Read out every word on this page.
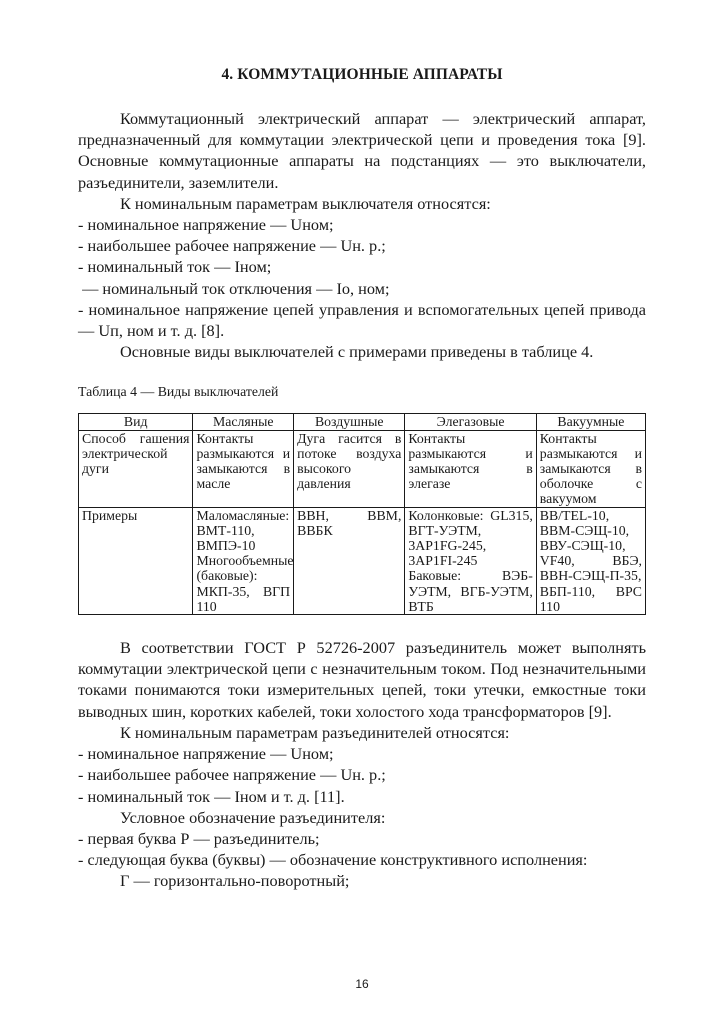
4. КОММУТАЦИОННЫЕ АППАРАТЫ

Коммутационный электрический аппарат — электрический аппарат, предназначенный для коммутации электрической цепи и проведения тока [9]. Основные коммутационные аппараты на подстанциях — это выключатели, разъединители, заземлители.

К номинальным параметрам выключателя относятся:

- номинальное напряжение — Uном;

- наибольшее рабочее напряжение — Uн. р.;

- номинальный ток — Iном;

— номинальный ток отключения — Io, ном;

- номинальное напряжение цепей управления и вспомогательных цепей привода — Uп, ном и т. д. [8].

Основные виды выключателей с примерами приведены в таблице 4.

Таблица 4 — Виды выключателей
Вид	Масляные	Воздушные	Элегазовые	Вакуумные
Способ гашения электрической дуги	Контакты размыкаются и замыкаются в масле	Дуга гасится в потоке воздуха высокого давления	Контакты размыкаются и замыкаются в элегазе	Контакты размыкаются и замыкаются в оболочке с вакуумом
Примеры	Маломасляные: ВМТ-110, ВМПЭ-10 Многообъемные (баковые): МКП-35, ВГП 110	ВВН, ВВМ, ВВБК	Колонковые: GL315, ВГТ-УЭТМ, 3AP1FG-245, 3AP1FI-245 Баковые: ВЭБ-УЭТМ, ВГБ-УЭТМ, ВТБ	BB/TEL-10, ВВМ-СЭЩ-10, ВВУ-СЭЩ-10, VF40, ВБЭ, ВВН-СЭЩ-П-35, ВБП-110, ВРС 110

В соответствии ГОСТ Р 52726-2007 разъединитель может выполнять коммутации электрической цепи с незначительным током. Под незначительными токами понимаются токи измерительных цепей, токи утечки, емкостные токи выводных шин, коротких кабелей, токи холостого хода трансформаторов [9].

К номинальным параметрам разъединителей относятся:

- номинальное напряжение — Uном;

- наибольшее рабочее напряжение — Uн. р.;

- номинальный ток — Iном и т. д. [11].

Условное обозначение разъединителя:

- первая буква Р — разъединитель;

- следующая буква (буквы) — обозначение конструктивного исполнения:

Г — горизонтально-поворотный;

16
